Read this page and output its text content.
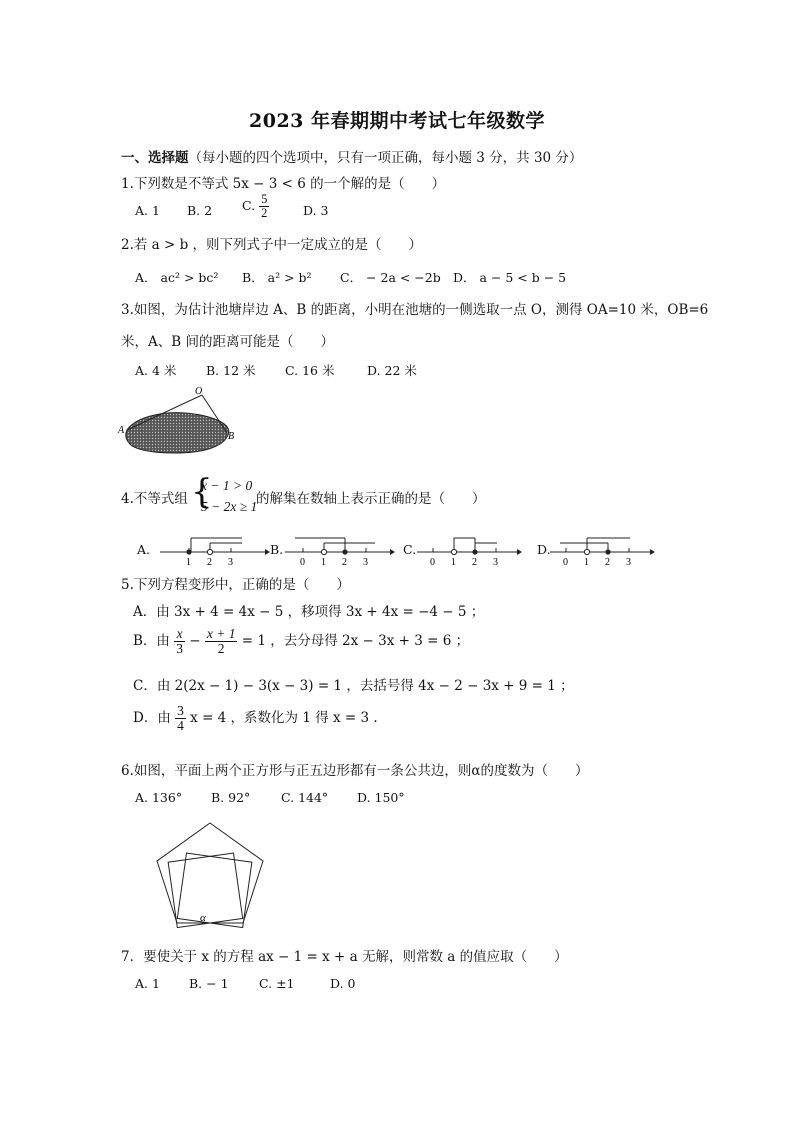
2023 年春期期中考试七年级数学
一、选择题（每小题的四个选项中，只有一项正确，每小题 3 分，共 30 分）
1.下列数是不等式 5x − 3 < 6 的一个解的是（　　）
A. 1 B. 2 C. $\frac{5}{2}$	D. 3
2.若 a > b ，则下列式子中一定成立的是（　　）
A． ac² > bc² B． a² > b² C． − 2a < −2b D． a − 5 < b − 5
3.如图，为估计池塘岸边 A、B 的距离，小明在池塘的一侧选取一点 O，测得 OA=10 米，OB=6
米，A、B 间的距离可能是（　　）
A. 4 米 B. 12 米 C. 16 米	D. 22 米
O
A
B
4.不等式组 {
x − 1 > 0
5 − 2x ≥ 1
的解集在数轴上表示正确的是（　　）
A.
1 2 3
B.
0 1 2 3
C.
0 1 2 3
D.
0 1 2 3
5.下列方程变形中，正确的是（　　）
A．由 3x + 4 = 4x − 5 ，移项得 3x + 4x = −4 − 5 ；
B．由 $\frac{x}{3} - \frac{x + 1}{2} = 1$ ，去分母得 2x − 3x + 3 = 6 ；
C．由 2(2x − 1) − 3(x − 3) = 1 ，去括号得 4x − 2 − 3x + 9 = 1 ；
D．由 $\frac{3}{4}$ x = 4 ，系数化为 1 得 x = 3 .
6.如图，平面上两个正方形与正五边形都有一条公共边，则α的度数为（　　）
A. 136° B. 92° C. 144° D. 150°
α
7．要使关于 x 的方程 ax − 1 = x + a 无解，则常数 a 的值应取（　　）
A. 1 B. − 1 C. ±1	D. 0
